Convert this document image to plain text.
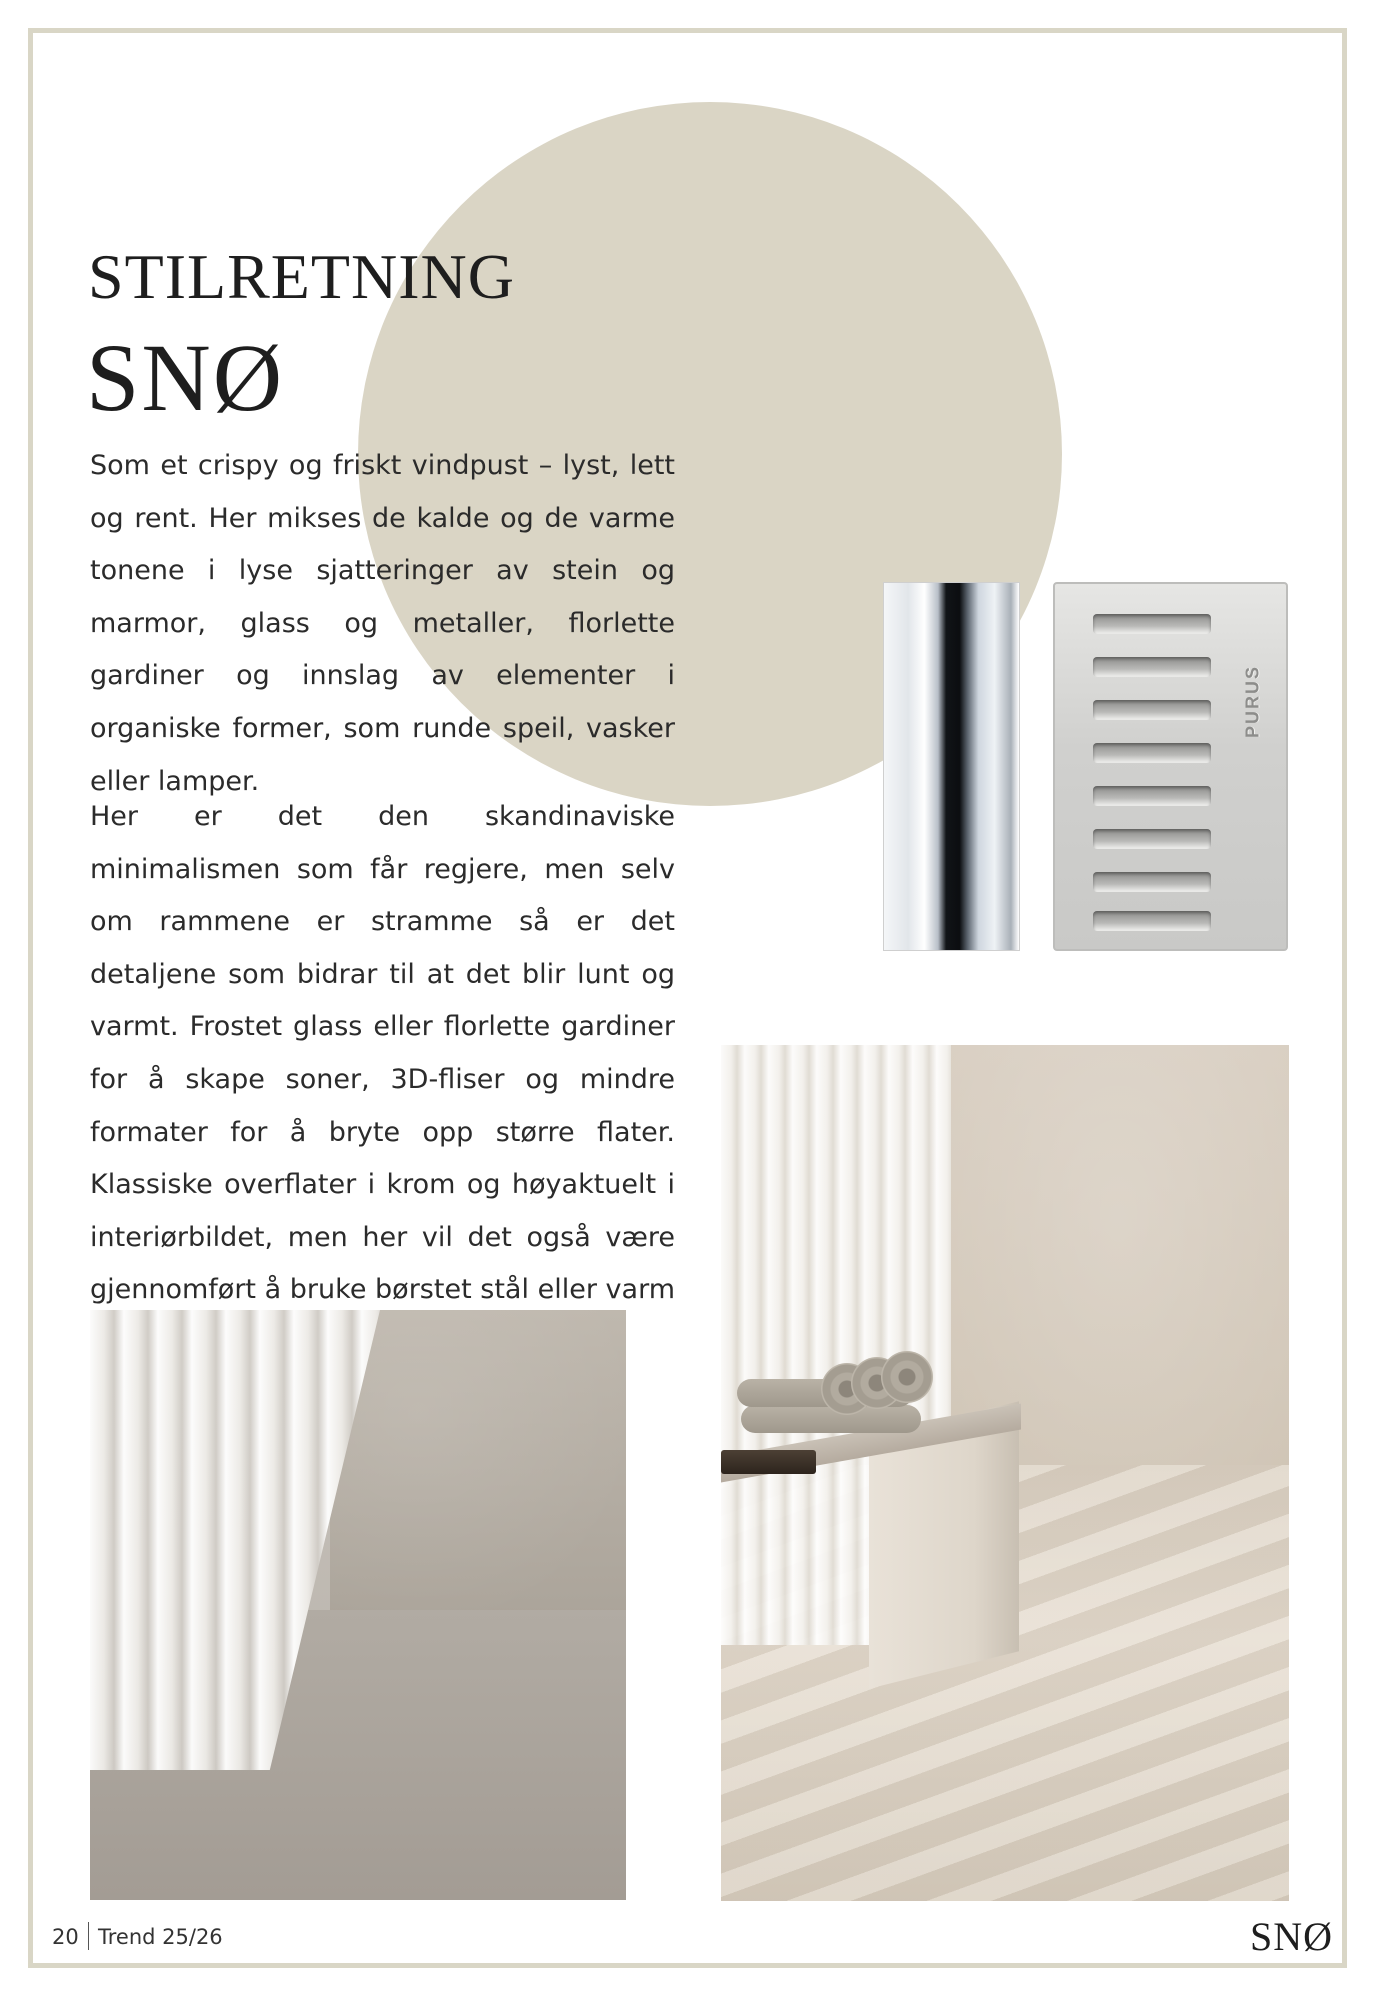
STILRETNING
SNØ

Som et crispy og friskt vindpust – lyst, lett og rent. Her mikses de kalde og de varme tonene i lyse sjatteringer av stein og marmor, glass og metaller, florlette gardiner og innslag av elementer i organiske former, som runde speil, vasker eller lamper.

Her er det den skandinaviske minimalismen som får regjere, men selv om rammene er stramme så er det detaljene som bidrar til at det blir lunt og varmt. Frostet glass eller florlette gardiner for å skape soner, 3D-fliser og mindre formater for å bryte opp større flater. Klassiske overflater i krom og høyaktuelt i interiørbildet, men her vil det også være gjennomført å bruke børstet stål eller varm

PURUS
20 Trend 25/26	SNØ
